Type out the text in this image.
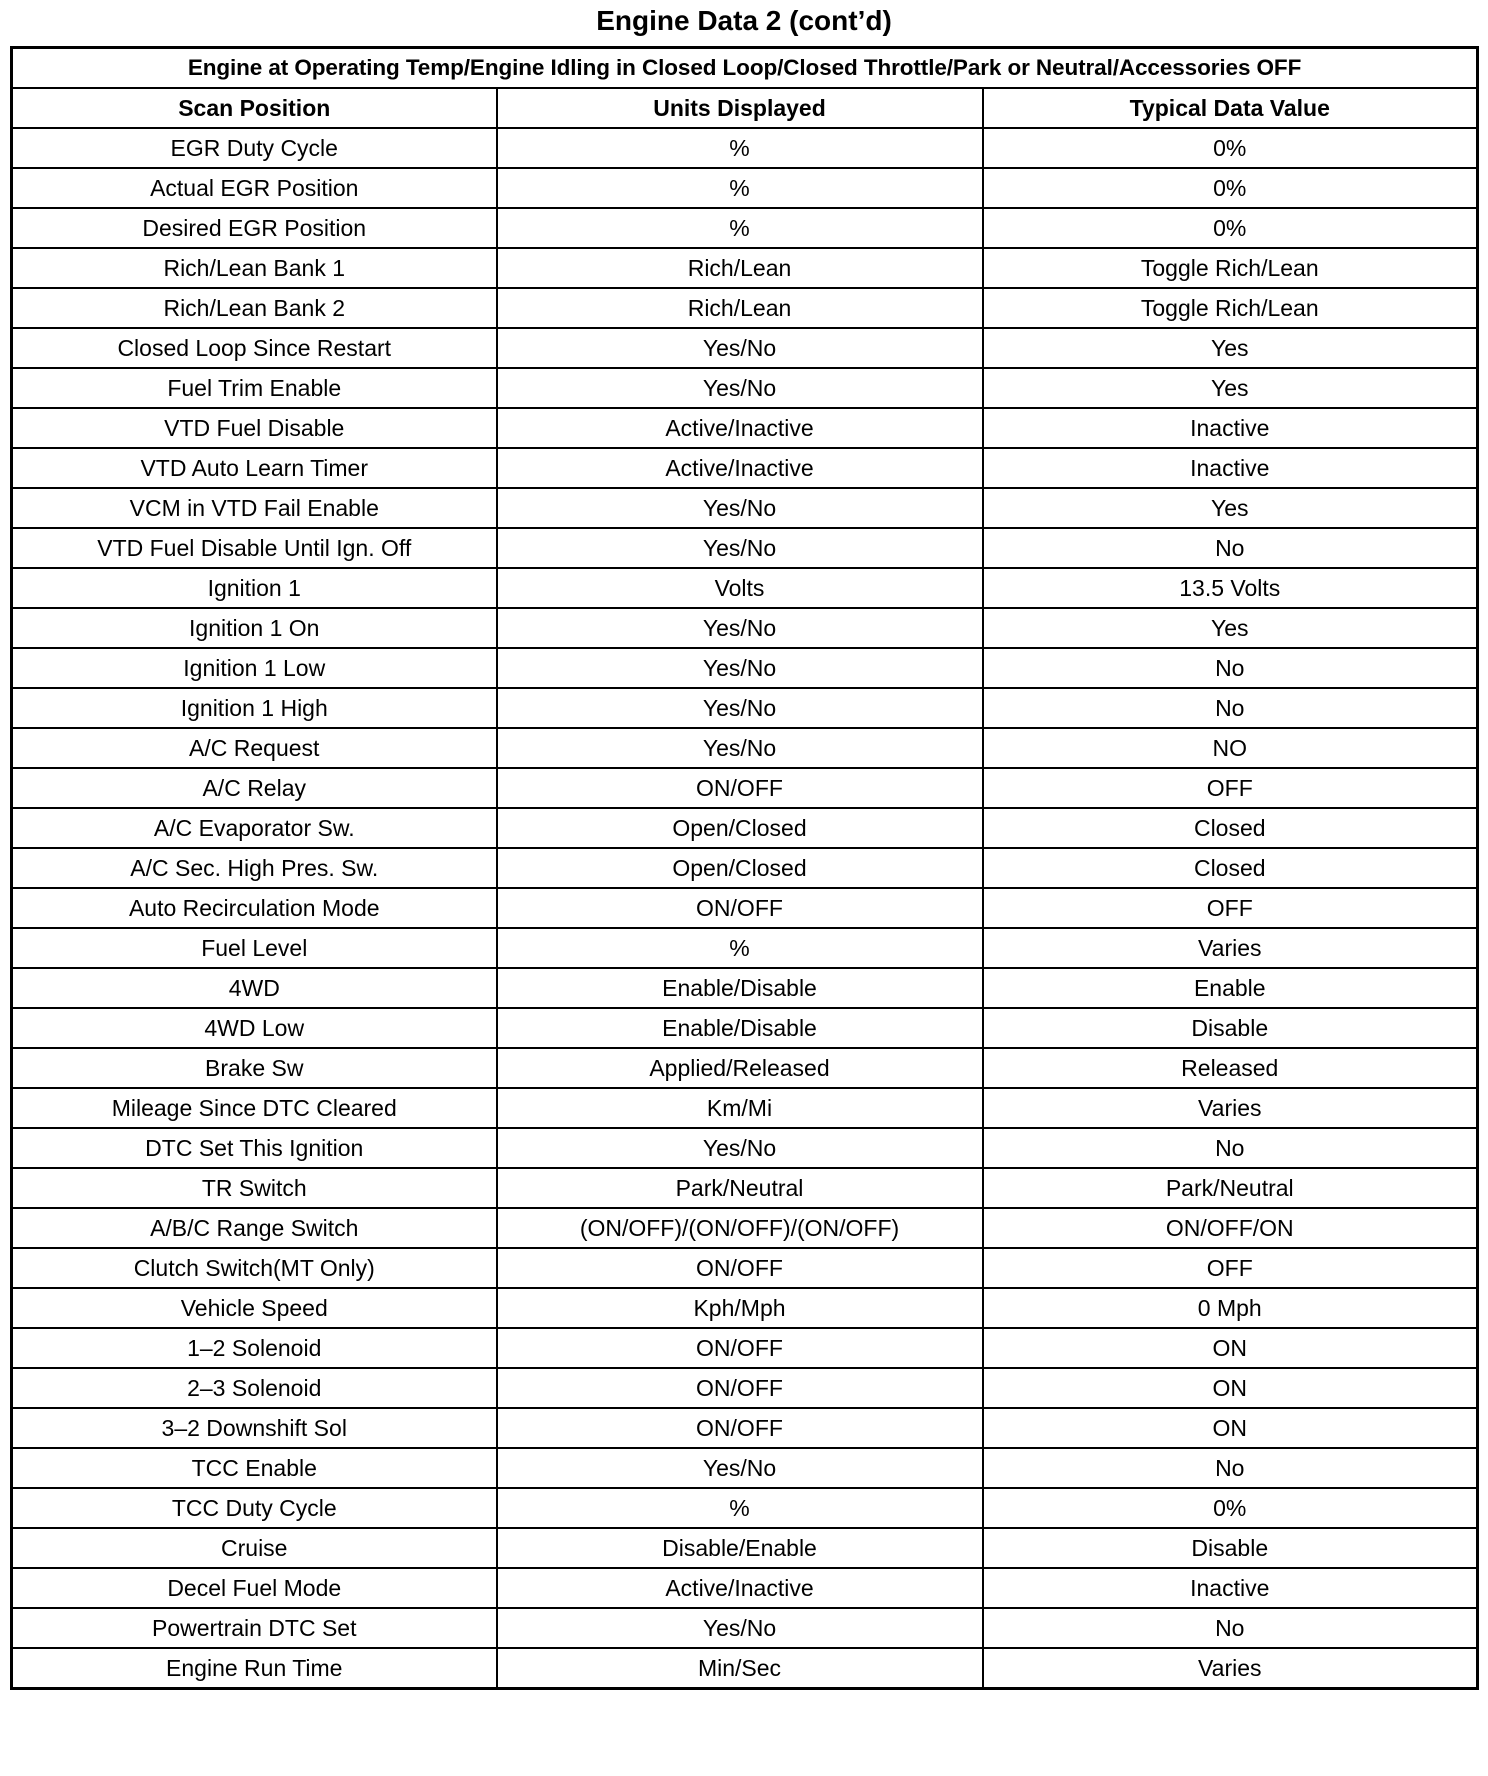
Engine Data 2 (cont’d)
Engine at Operating Temp/Engine Idling in Closed Loop/Closed Throttle/Park or Neutral/Accessories OFF		
Scan Position	Units Displayed	Typical Data Value
EGR Duty Cycle	%	0%
Actual EGR Position	%	0%
Desired EGR Position	%	0%
Rich/Lean Bank 1	Rich/Lean	Toggle Rich/Lean
Rich/Lean Bank 2	Rich/Lean	Toggle Rich/Lean
Closed Loop Since Restart	Yes/No	Yes
Fuel Trim Enable	Yes/No	Yes
VTD Fuel Disable	Active/Inactive	Inactive
VTD Auto Learn Timer	Active/Inactive	Inactive
VCM in VTD Fail Enable	Yes/No	Yes
VTD Fuel Disable Until Ign. Off	Yes/No	No
Ignition 1	Volts	13.5 Volts
Ignition 1 On	Yes/No	Yes
Ignition 1 Low	Yes/No	No
Ignition 1 High	Yes/No	No
A/C Request	Yes/No	NO
A/C Relay	ON/OFF	OFF
A/C Evaporator Sw.	Open/Closed	Closed
A/C Sec. High Pres. Sw.	Open/Closed	Closed
Auto Recirculation Mode	ON/OFF	OFF
Fuel Level	%	Varies
4WD	Enable/Disable	Enable
4WD Low	Enable/Disable	Disable
Brake Sw	Applied/Released	Released
Mileage Since DTC Cleared	Km/Mi	Varies
DTC Set This Ignition	Yes/No	No
TR Switch	Park/Neutral	Park/Neutral
A/B/C Range Switch	(ON/OFF)/(ON/OFF)/(ON/OFF)	ON/OFF/ON
Clutch Switch(MT Only)	ON/OFF	OFF
Vehicle Speed	Kph/Mph	0 Mph
1–2 Solenoid	ON/OFF	ON
2–3 Solenoid	ON/OFF	ON
3–2 Downshift Sol	ON/OFF	ON
TCC Enable	Yes/No	No
TCC Duty Cycle	%	0%
Cruise	Disable/Enable	Disable
Decel Fuel Mode	Active/Inactive	Inactive
Powertrain DTC Set	Yes/No	No
Engine Run Time	Min/Sec	Varies
